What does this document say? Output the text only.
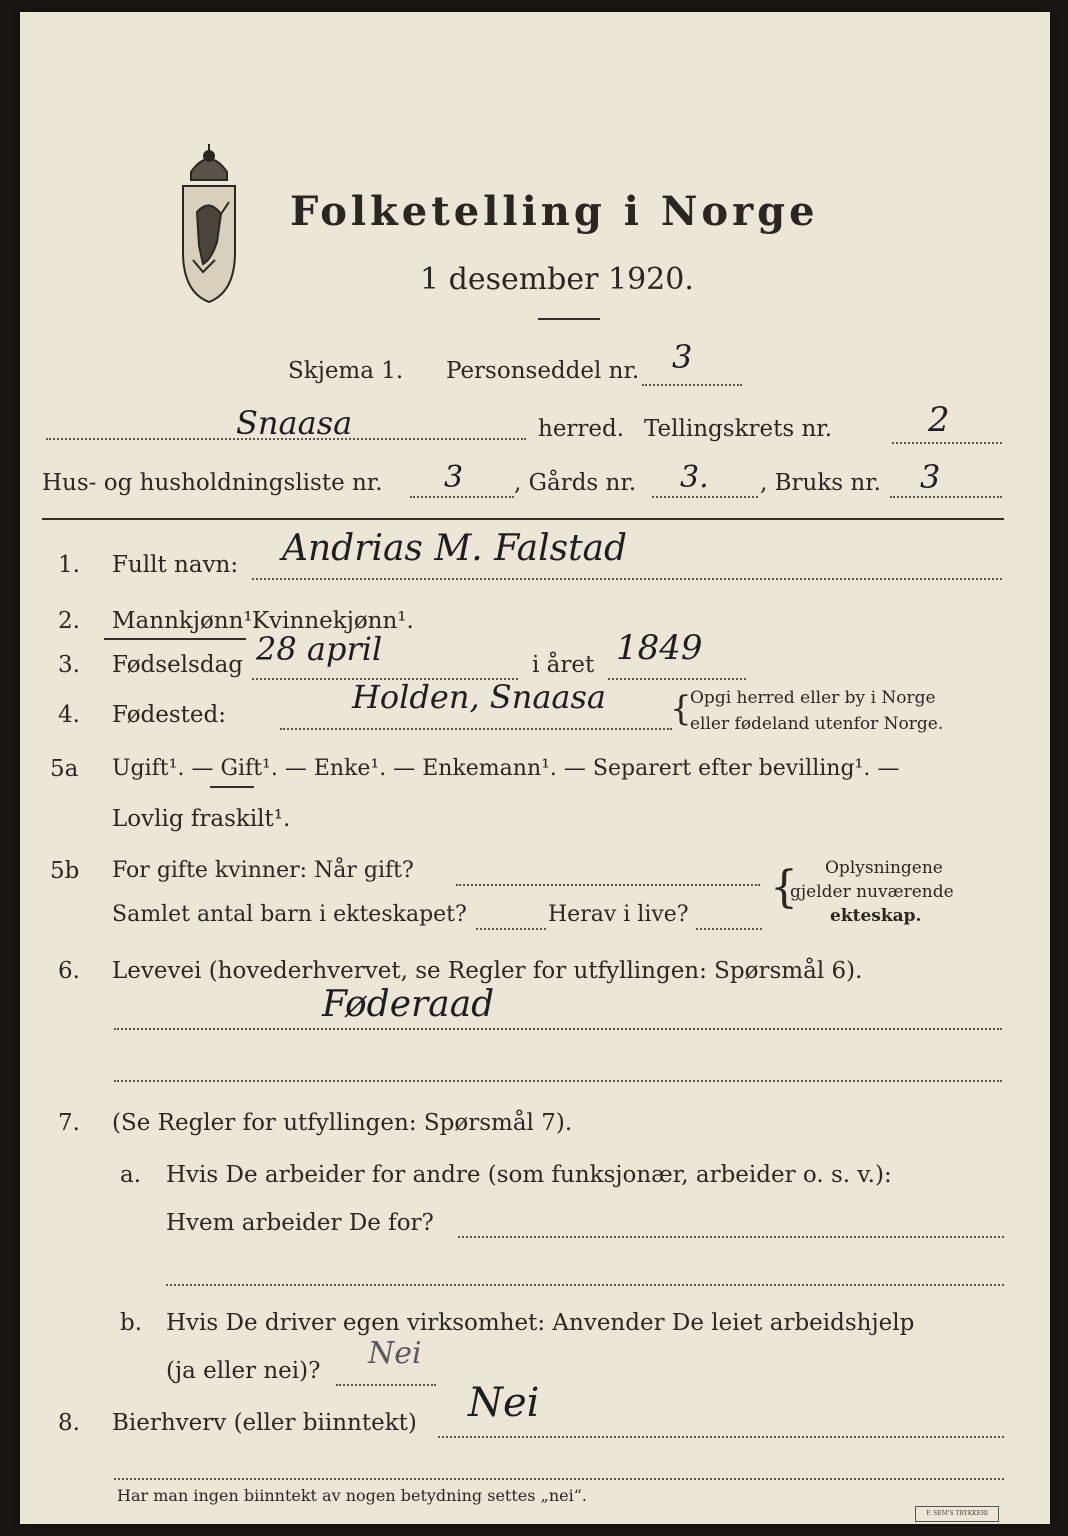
Folketelling i Norge
1 desember 1920.
Skjema 1. Personseddel nr. 3
Snaasa	herred. Tellingskrets nr.	2
Hus- og husholdningsliste nr. 3 , Gårds nr. 3. , Bruks nr. 3
1. Fullt navn: Andrias M. Falstad
2. Mannkjønn¹.
Kvinnekjønn¹.
3. Fødselsdag 28 april	i året 1849
4. Fødested:	Holden, Snaasa {
Opgi herred eller by i Norge
eller fødeland utenfor Norge.
5a Ugift¹. — Gift¹. — Enke¹. — Enkemann¹. — Separert efter bevilling¹. —
Lovlig fraskilt¹.
5b For gifte kvinner: Når gift?
Samlet antal barn i ekteskapet?	Herav i live?
{ Oplysningene
gjelder nuværende
ekteskap.
6. Levevei (hovederhvervet, se Regler for utfyllingen: Spørsmål 6).
Føderaad
7. (Se Regler for utfyllingen: Spørsmål 7).
a. Hvis De arbeider for andre (som funksjonær, arbeider o. s. v.):
Hvem arbeider De for?
b. Hvis De driver egen virksomhet: Anvender De leiet arbeidshjelp
(ja eller nei)? Nei
8. Bierhverv (eller biinntekt) Nei
Har man ingen biinntekt av nogen betydning settes „nei“.
F. SEM'S TRYKKERI
